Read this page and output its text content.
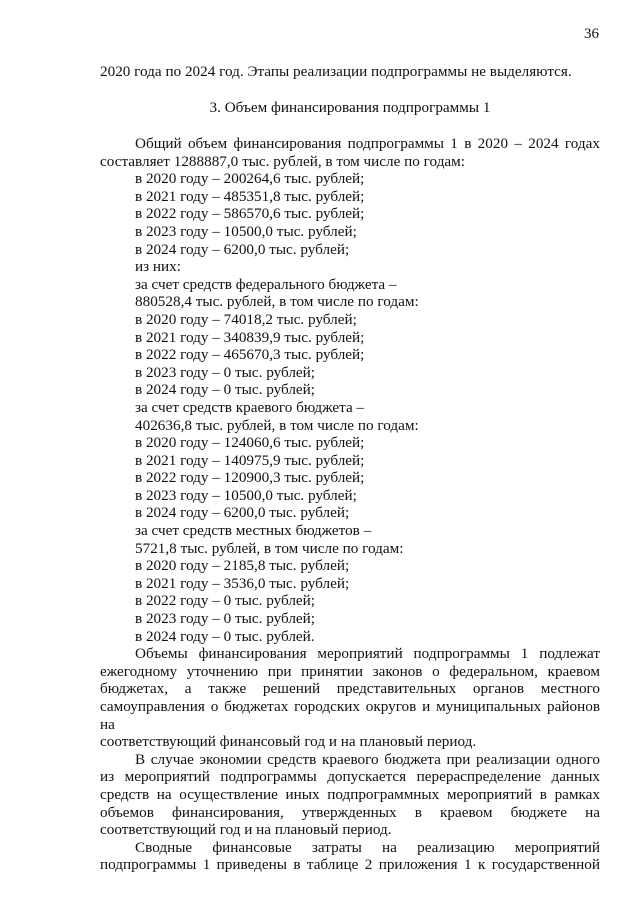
36
2020 года по 2024 год. Этапы реализации подпрограммы не выделяются.
3. Объем финансирования подпрограммы 1
Общий объем финансирования подпрограммы 1 в 2020 – 2024 годах
составляет 1288887,0 тыс. рублей, в том числе по годам:
в 2020 году – 200264,6 тыс. рублей;
в 2021 году – 485351,8 тыс. рублей;
в 2022 году – 586570,6 тыс. рублей;
в 2023 году – 10500,0 тыс. рублей;
в 2024 году – 6200,0 тыс. рублей;
из них:
за счет средств федерального бюджета –
880528,4 тыс. рублей, в том числе по годам:
в 2020 году – 74018,2 тыс. рублей;
в 2021 году – 340839,9 тыс. рублей;
в 2022 году – 465670,3 тыс. рублей;
в 2023 году – 0 тыс. рублей;
в 2024 году – 0 тыс. рублей;
за счет средств краевого бюджета –
402636,8 тыс. рублей, в том числе по годам:
в 2020 году – 124060,6 тыс. рублей;
в 2021 году – 140975,9 тыс. рублей;
в 2022 году – 120900,3 тыс. рублей;
в 2023 году – 10500,0 тыс. рублей;
в 2024 году – 6200,0 тыс. рублей;
за счет средств местных бюджетов –
5721,8 тыс. рублей, в том числе по годам:
в 2020 году – 2185,8 тыс. рублей;
в 2021 году – 3536,0 тыс. рублей;
в 2022 году – 0 тыс. рублей;
в 2023 году – 0 тыс. рублей;
в 2024 году – 0 тыс. рублей.
Объемы финансирования мероприятий подпрограммы 1 подлежат
ежегодному уточнению при принятии законов о федеральном, краевом
бюджетах, а также решений представительных органов местного
самоуправления о бюджетах городских округов и муниципальных районов на
соответствующий финансовый год и на плановый период.
В случае экономии средств краевого бюджета при реализации одного
из мероприятий подпрограммы допускается перераспределение данных
средств на осуществление иных подпрограммных мероприятий в рамках
объемов финансирования, утвержденных в краевом бюджете на
соответствующий год и на плановый период.
Сводные финансовые затраты на реализацию мероприятий
подпрограммы 1 приведены в таблице 2 приложения 1 к государственной
